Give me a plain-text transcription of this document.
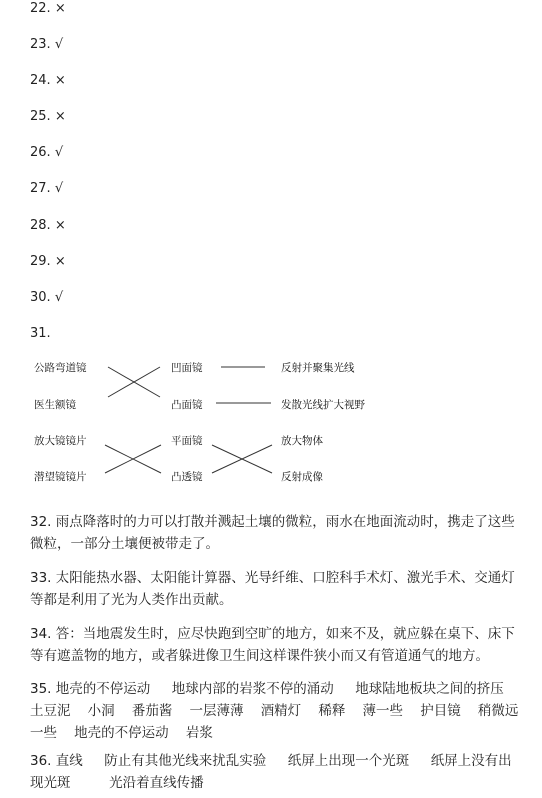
22. ×
23. √
24. ×
25. ×
26. √
27. √
28. ×
29. ×
30. √
31.
公路弯道镜
医生额镜
凹面镜
凸面镜
反射并聚集光线
发散光线扩大视野
放大镜镜片
潜望镜镜片
平面镜
凸透镜
放大物体
反射成像
32. 雨点降落时的力可以打散并溅起土壤的微粒，雨水在地面流动时，携走了这些微粒，一部分土壤便被带走了。
33. 太阳能热水器、太阳能计算器、光导纤维、口腔科手术灯、激光手术、交通灯等都是利用了光为人类作出贡献。
34. 答：当地震发生时，应尽快跑到空旷的地方，如来不及，就应躲在桌下、床下等有遮盖物的地方，或者躲进像卫生间这样课件狭小而又有管道通气的地方。
35. 地壳的不停运动 地球内部的岩浆不停的涌动 地球陆地板块之间的挤压    土豆泥 小洞 番茄酱 一层薄薄 酒精灯 稀释 薄一些 护目镜 稍微远一些 地壳的不停运动 岩浆
36. 直线 防止有其他光线来扰乱实验 纸屏上出现一个光斑 纸屏上没有出现光斑	光沿着直线传播
